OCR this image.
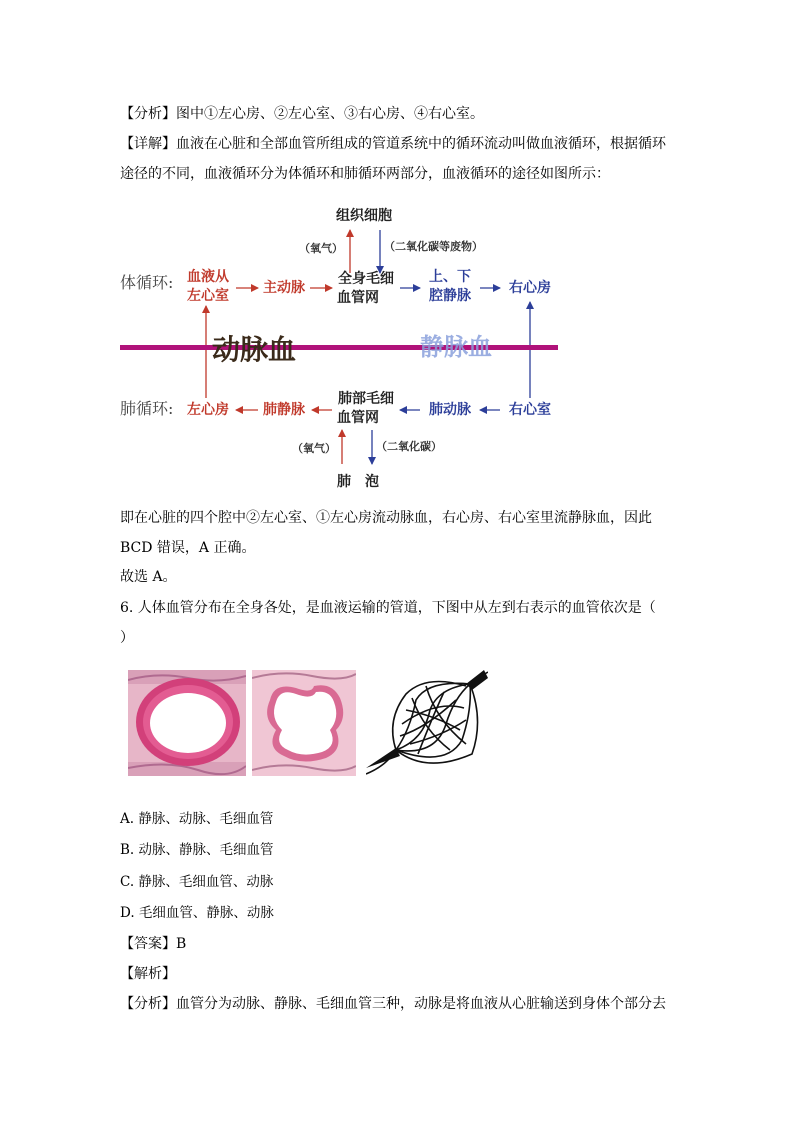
【分析】图中①左心房、②左心室、③右心房、④右心室。
【详解】血液在心脏和全部血管所组成的管道系统中的循环流动叫做血液循环，根据循环
途径的不同，血液循环分为体循环和肺循环两部分，血液循环的途径如图所示：
组织细胞
（氧气）	（二氧化碳等废物）
体循环: 血液从
左心室 主动脉
全身毛细
血管网
上、下
腔静脉	右心房
动脉血	静脉血
肺循环: 左心房 肺静脉
肺部毛细
血管网	肺动脉	右心室
（氧气）	（二氧化碳）
肺　泡
即在心脏的四个腔中②左心室、①左心房流动脉血，右心房、右心室里流静脉血，因此
BCD 错误，A 正确。
故选 A。
6. 人体血管分布在全身各处，是血液运输的管道，下图中从左到右表示的血管依次是（
）
A. 静脉、动脉、毛细血管
B. 动脉、静脉、毛细血管
C. 静脉、毛细血管、动脉
D. 毛细血管、静脉、动脉
【答案】B
【解析】
【分析】血管分为动脉、静脉、毛细血管三种，动脉是将血液从心脏输送到身体个部分去
